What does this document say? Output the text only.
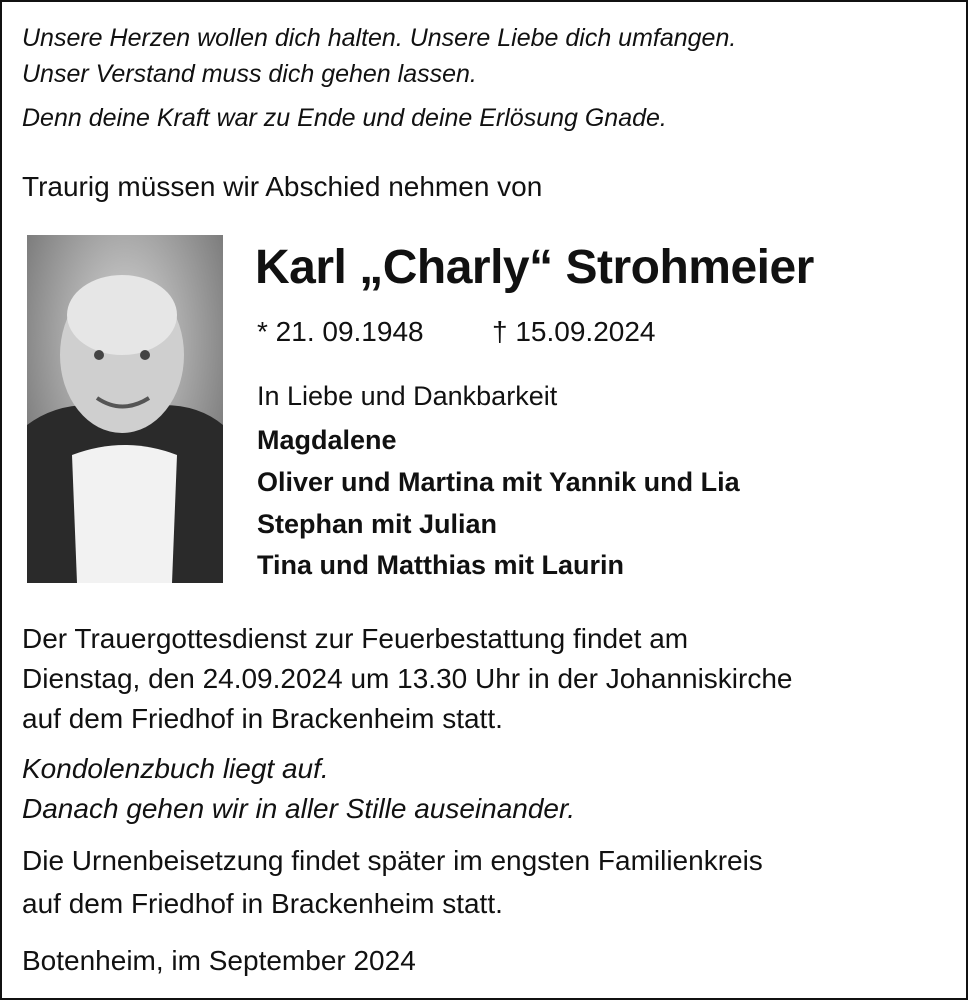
Unsere Herzen wollen dich halten. Unsere Liebe dich umfangen.
Unser Verstand muss dich gehen lassen.
Denn deine Kraft war zu Ende und deine Erlösung Gnade.
Traurig müssen wir Abschied nehmen von
Karl „Charly“ Strohmeier
* 21. 09.1948 † 15.09.2024
In Liebe und Dankbarkeit
Magdalene
Oliver und Martina mit Yannik und Lia
Stephan mit Julian
Tina und Matthias mit Laurin
Der Trauergottesdienst zur Feuerbestattung findet am
Dienstag, den 24.09.2024 um 13.30 Uhr in der Johanniskirche
auf dem Friedhof in Brackenheim statt.
Kondolenzbuch liegt auf.
Danach gehen wir in aller Stille auseinander.
Die Urnenbeisetzung findet später im engsten Familienkreis
auf dem Friedhof in Brackenheim statt.
Botenheim, im September 2024
